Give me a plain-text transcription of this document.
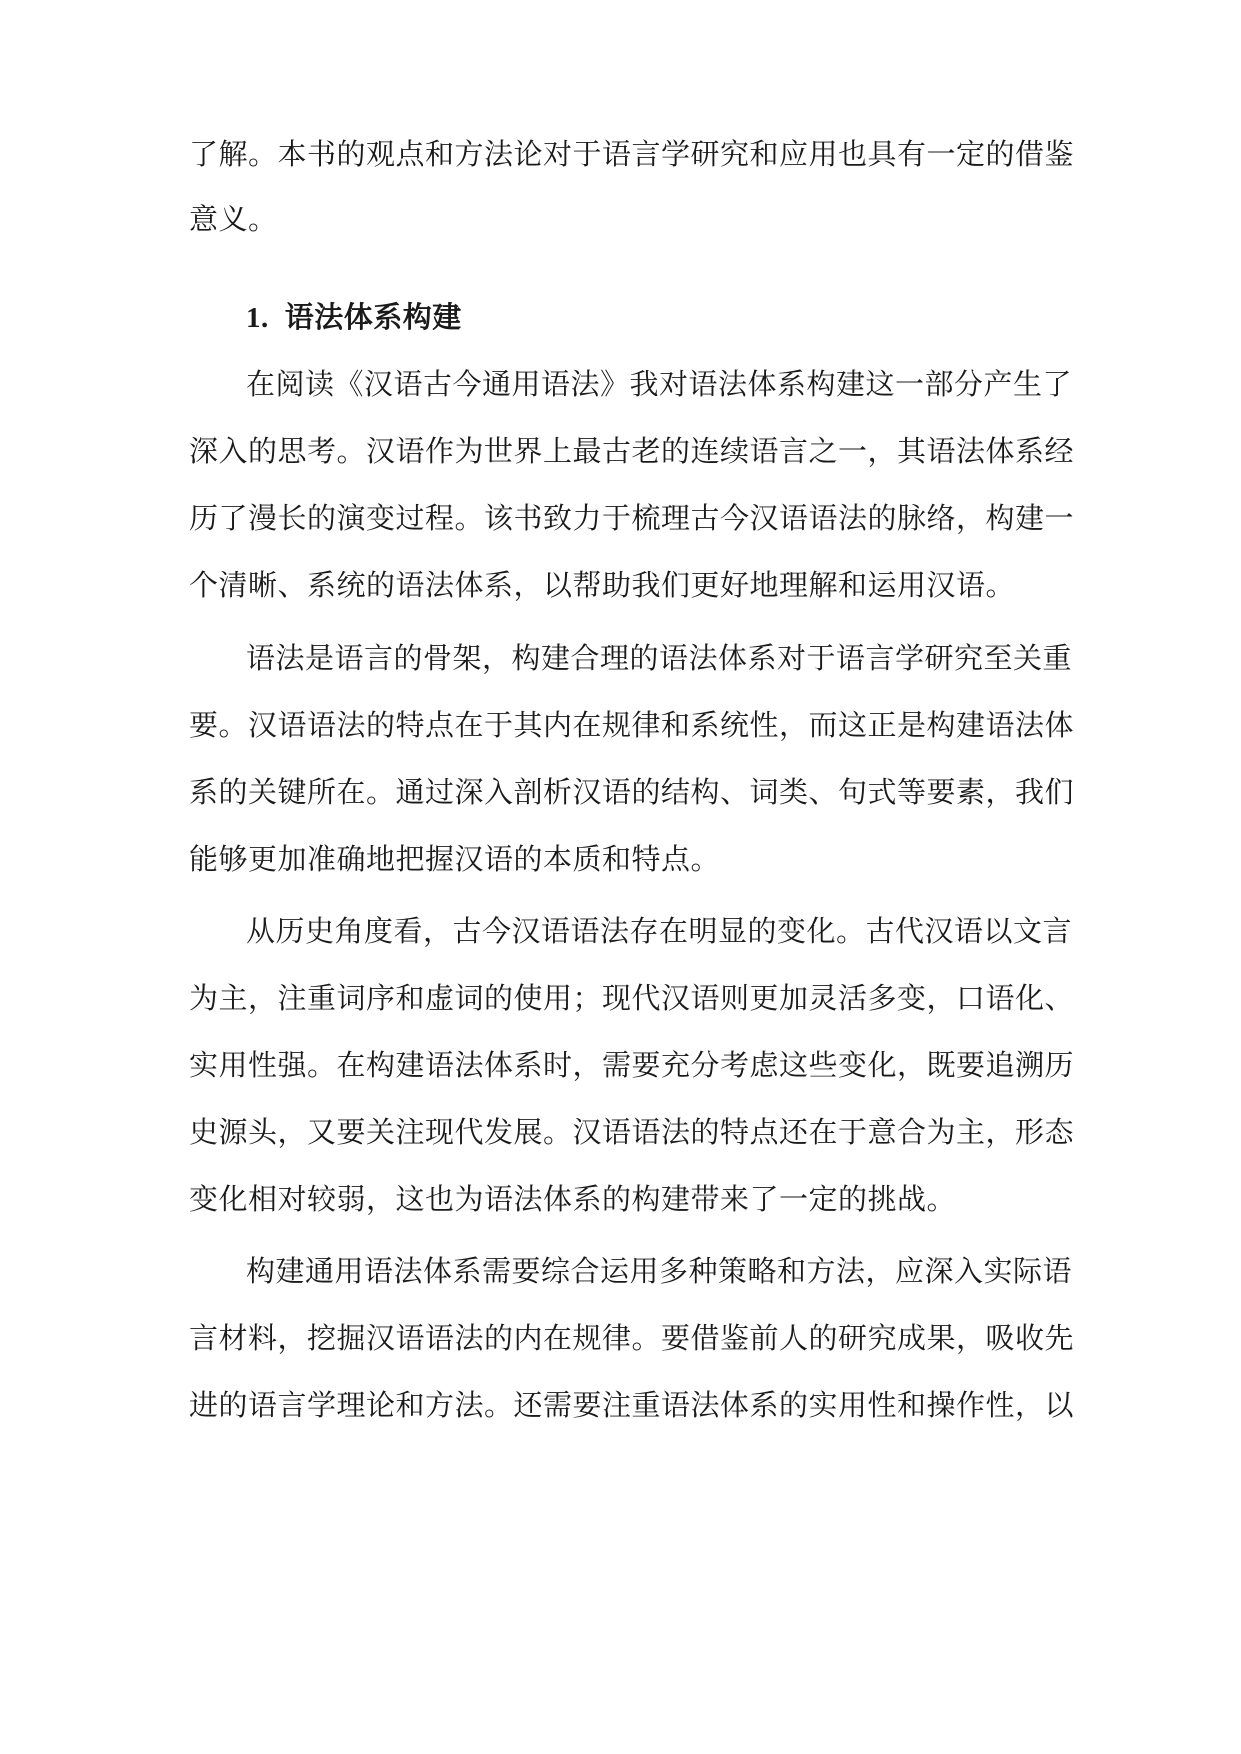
了解。本书的观点和方法论对于语言学研究和应用也具有一定的借鉴
意义。
1. 语法体系构建
在阅读《汉语古今通用语法》我对语法体系构建这一部分产生了
深入的思考。汉语作为世界上最古老的连续语言之一，其语法体系经
历了漫长的演变过程。该书致力于梳理古今汉语语法的脉络，构建一
个清晰、系统的语法体系，以帮助我们更好地理解和运用汉语。
语法是语言的骨架，构建合理的语法体系对于语言学研究至关重
要。汉语语法的特点在于其内在规律和系统性，而这正是构建语法体
系的关键所在。通过深入剖析汉语的结构、词类、句式等要素，我们
能够更加准确地把握汉语的本质和特点。
从历史角度看，古今汉语语法存在明显的变化。古代汉语以文言
为主，注重词序和虚词的使用；现代汉语则更加灵活多变，口语化、
实用性强。在构建语法体系时，需要充分考虑这些变化，既要追溯历
史源头，又要关注现代发展。汉语语法的特点还在于意合为主，形态
变化相对较弱，这也为语法体系的构建带来了一定的挑战。
构建通用语法体系需要综合运用多种策略和方法，应深入实际语
言材料，挖掘汉语语法的内在规律。要借鉴前人的研究成果，吸收先
进的语言学理论和方法。还需要注重语法体系的实用性和操作性，以
